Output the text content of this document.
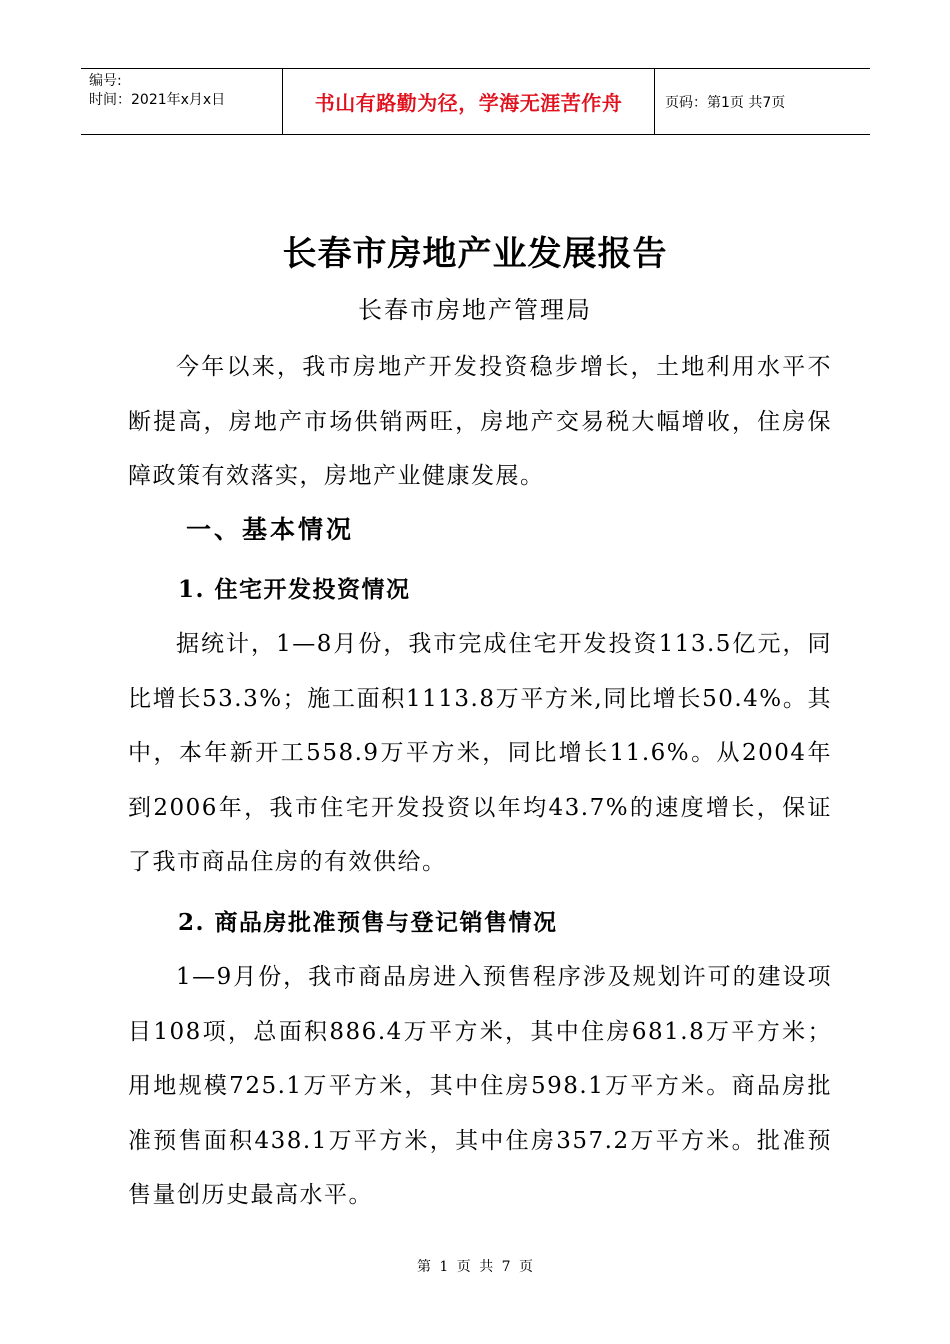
编号:
时间：2021年x月x日	书山有路勤为径，学海无涯苦作舟	页码：第1页 共7页
长春市房地产业发展报告
长春市房地产管理局

今年以来，我市房地产开发投资稳步增长，土地利用水平不断提高，房地产市场供销两旺，房地产交易税大幅增收，住房保障政策有效落实，房地产业健康发展。

一、基本情况
1. 住宅开发投资情况

据统计，1—8月份，我市完成住宅开发投资113.5亿元，同比增长53.3%；施工面积1113.8万平方米,同比增长50.4%。其中，本年新开工558.9万平方米，同比增长11.6%。从2004年到2006年，我市住宅开发投资以年均43.7%的速度增长，保证了我市商品住房的有效供给。

2. 商品房批准预售与登记销售情况

1—9月份，我市商品房进入预售程序涉及规划许可的建设项目108项，总面积886.4万平方米，其中住房681.8万平方米；用地规模725.1万平方米，其中住房598.1万平方米。商品房批准预售面积438.1万平方米，其中住房357.2万平方米。批准预售量创历史最高水平。

第 1 页 共 7 页
